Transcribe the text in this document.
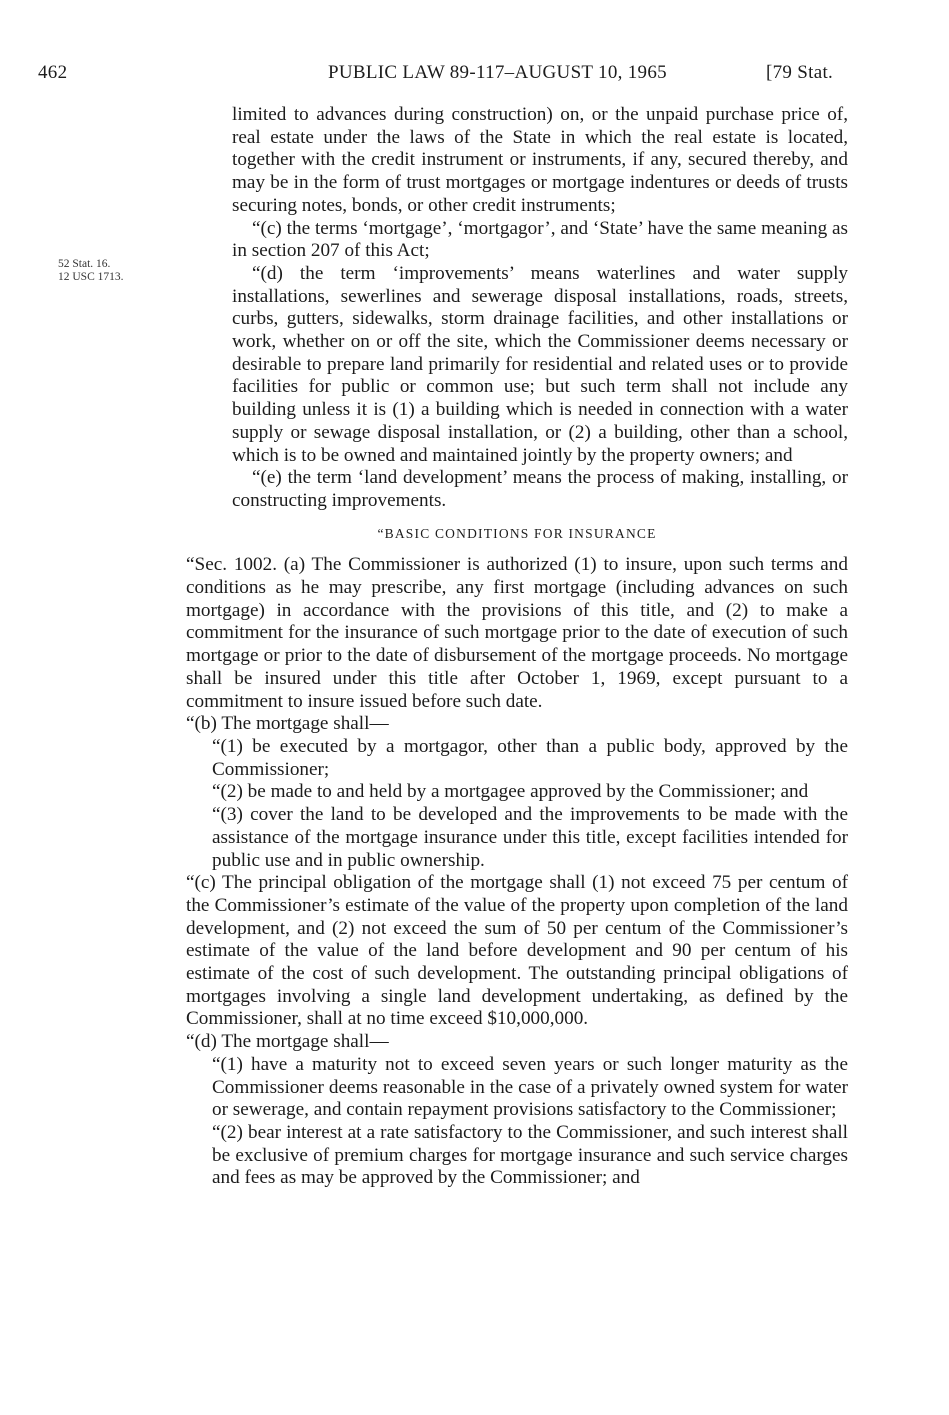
462	PUBLIC LAW 89-117–AUGUST 10, 1965	[79 Stat.
52 Stat. 16.
12 USC 1713.

limited to advances during construction) on, or the unpaid purchase price of, real estate under the laws of the State in which the real estate is located, together with the credit instrument or instruments, if any, secured thereby, and may be in the form of trust mortgages or mortgage indentures or deeds of trusts securing notes, bonds, or other credit instruments;

“(c) the terms ‘mortgage’, ‘mortgagor’, and ‘State’ have the same meaning as in section 207 of this Act;

“(d) the term ‘improvements’ means waterlines and water supply installations, sewerlines and sewerage disposal installations, roads, streets, curbs, gutters, sidewalks, storm drainage facilities, and other installations or work, whether on or off the site, which the Commissioner deems necessary or desirable to prepare land primarily for residential and related uses or to provide facilities for public or common use; but such term shall not include any building unless it is (1) a building which is needed in connection with a water supply or sewage disposal installation, or (2) a building, other than a school, which is to be owned and maintained jointly by the property owners; and

“(e) the term ‘land development’ means the process of making, installing, or constructing improvements.

“BASIC CONDITIONS FOR INSURANCE

“Sec. 1002. (a) The Commissioner is authorized (1) to insure, upon such terms and conditions as he may prescribe, any first mortgage (including advances on such mortgage) in accordance with the provisions of this title, and (2) to make a commitment for the insurance of such mortgage prior to the date of execution of such mortgage or prior to the date of disbursement of the mortgage proceeds. No mortgage shall be insured under this title after October 1, 1969, except pursuant to a commitment to insure issued before such date.

“(b) The mortgage shall—

“(1) be executed by a mortgagor, other than a public body, approved by the Commissioner;

“(2) be made to and held by a mortgagee approved by the Commissioner; and

“(3) cover the land to be developed and the improvements to be made with the assistance of the mortgage insurance under this title, except facilities intended for public use and in public ownership.

“(c) The principal obligation of the mortgage shall (1) not exceed 75 per centum of the Commissioner’s estimate of the value of the property upon completion of the land development, and (2) not exceed the sum of 50 per centum of the Commissioner’s estimate of the value of the land before development and 90 per centum of his estimate of the cost of such development. The outstanding principal obligations of mortgages involving a single land development undertaking, as defined by the Commissioner, shall at no time exceed $10,000,000.

“(d) The mortgage shall—

“(1) have a maturity not to exceed seven years or such longer maturity as the Commissioner deems reasonable in the case of a privately owned system for water or sewerage, and contain repayment provisions satisfactory to the Commissioner;

“(2) bear interest at a rate satisfactory to the Commissioner, and such interest shall be exclusive of premium charges for mortgage insurance and such service charges and fees as may be approved by the Commissioner; and
